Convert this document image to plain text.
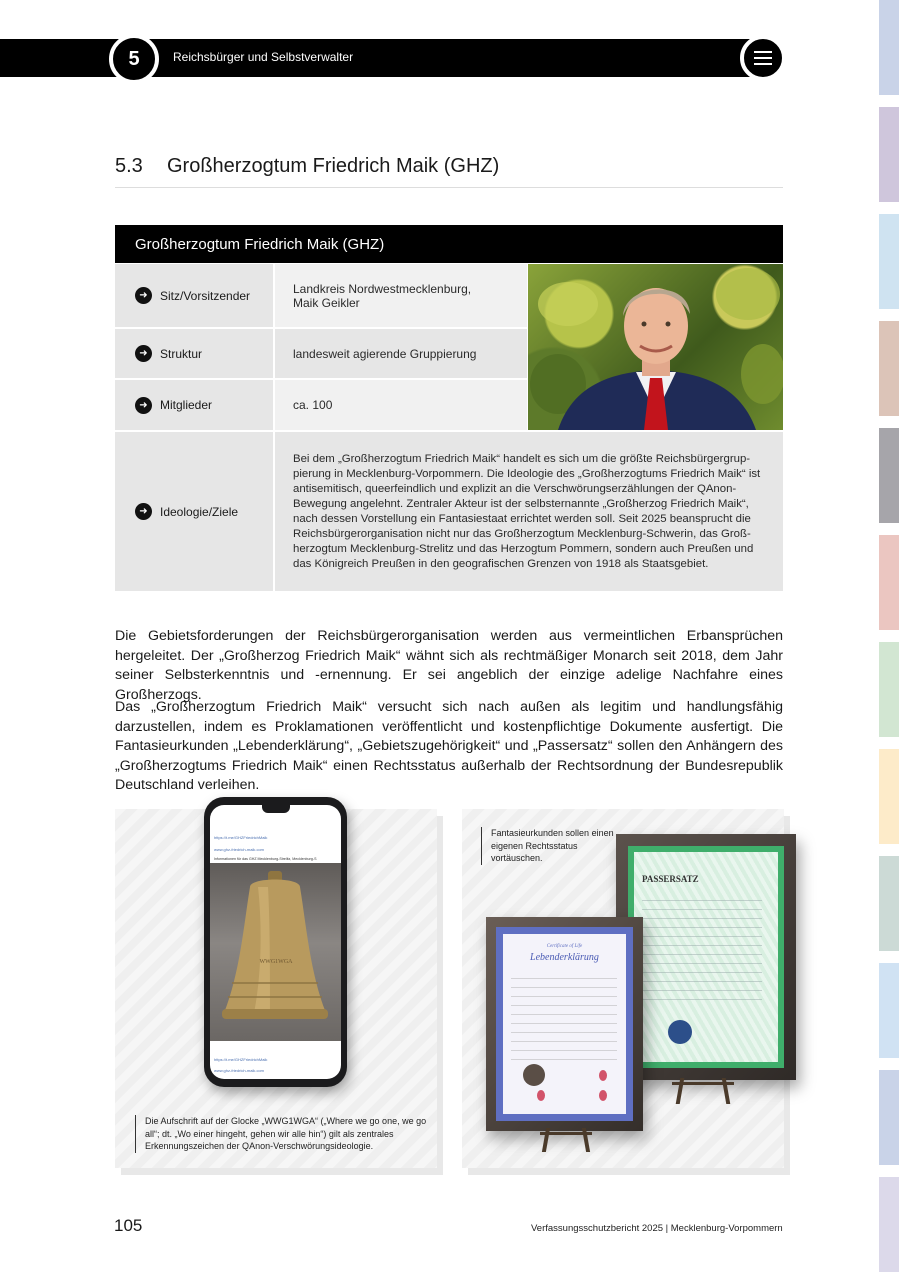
5	Reichsbürger und Selbstverwalter
5.3 Großherzogtum Friedrich Maik (GHZ)
Großherzogtum Friedrich Maik (GHZ)
➜	Sitz/Vorsitzender	Landkreis Nordwestmecklenburg,
Maik Geikler
➜	Struktur	landesweit agierende Gruppierung
➜	Mitglieder	ca. 100
➜	Ideologie/Ziele
Bei dem „Großherzogtum Friedrich Maik“ handelt es sich um die größte Reichsbürgergruppierung in Mecklenburg-Vorpommern. Die Ideologie des „Großherzogtums Friedrich Maik“ ist antisemitisch, queerfeindlich und explizit an die Verschwörungserzählungen der QAnon-Bewegung angelehnt. Zentraler Akteur ist der selbsternannte „Großherzog Friedrich Maik“, nach dessen Vorstellung ein Fantasiestaat errichtet werden soll. Seit 2025 beansprucht die Reichsbürgerorganisation nicht nur das Großherzogtum Mecklenburg-Schwerin, das Großherzogtum Mecklenburg-Strelitz und das Herzogtum Pommern, sondern auch Preußen und das Königreich Preußen in den geografischen Grenzen von 1918 als Staatsgebiet.
Die Gebietsforderungen der Reichsbürgerorganisation werden aus vermeintlichen Erbansprüchen hergeleitet. Der „Großherzog Friedrich Maik“ wähnt sich als rechtmäßiger Monarch seit 2018, dem Jahr seiner Selbsterkenntnis und -ernennung. Er sei angeblich der einzige adelige Nachfahre eines Großherzogs.
Das „Großherzogtum Friedrich Maik“ versucht sich nach außen als legitim und handlungsfähig darzustellen, indem es Proklamationen veröffentlicht und kostenpflichtige Dokumente ausfertigt. Die Fantasieurkunden „Lebenderklärung“, „Gebietszugehörigkeit“ und „Passersatz“ sollen den Anhängern des „Großherzogtums Friedrich Maik“ einen Rechtsstatus außerhalb der Rechtsordnung der Bundesrepublik Deutschland verleihen.
https://t.me/GHZFriedrichMaik
www.ghz-friedrich-maik.com
Informationen für das GHZ Mecklenburg-Strelitz, Mecklenburg-S
WWG1WGA
https://t.me/GHZFriedrichMaik
www.ghz-friedrich-maik.com
Die Aufschrift auf der Glocke „WWG1WGA“ („Where we go one, we go all“; dt. „Wo einer hingeht, gehen wir alle hin“) gilt als zentrales Erkennungszeichen der QAnon-Verschwörungsideologie.
Fantasieurkunden sollen einen eigenen Rechtsstatus vortäuschen.
PASSERSATZ
Certificate of Life
Lebenderklärung
105	Verfassungsschutzbericht 2025 | Mecklenburg-Vorpommern
